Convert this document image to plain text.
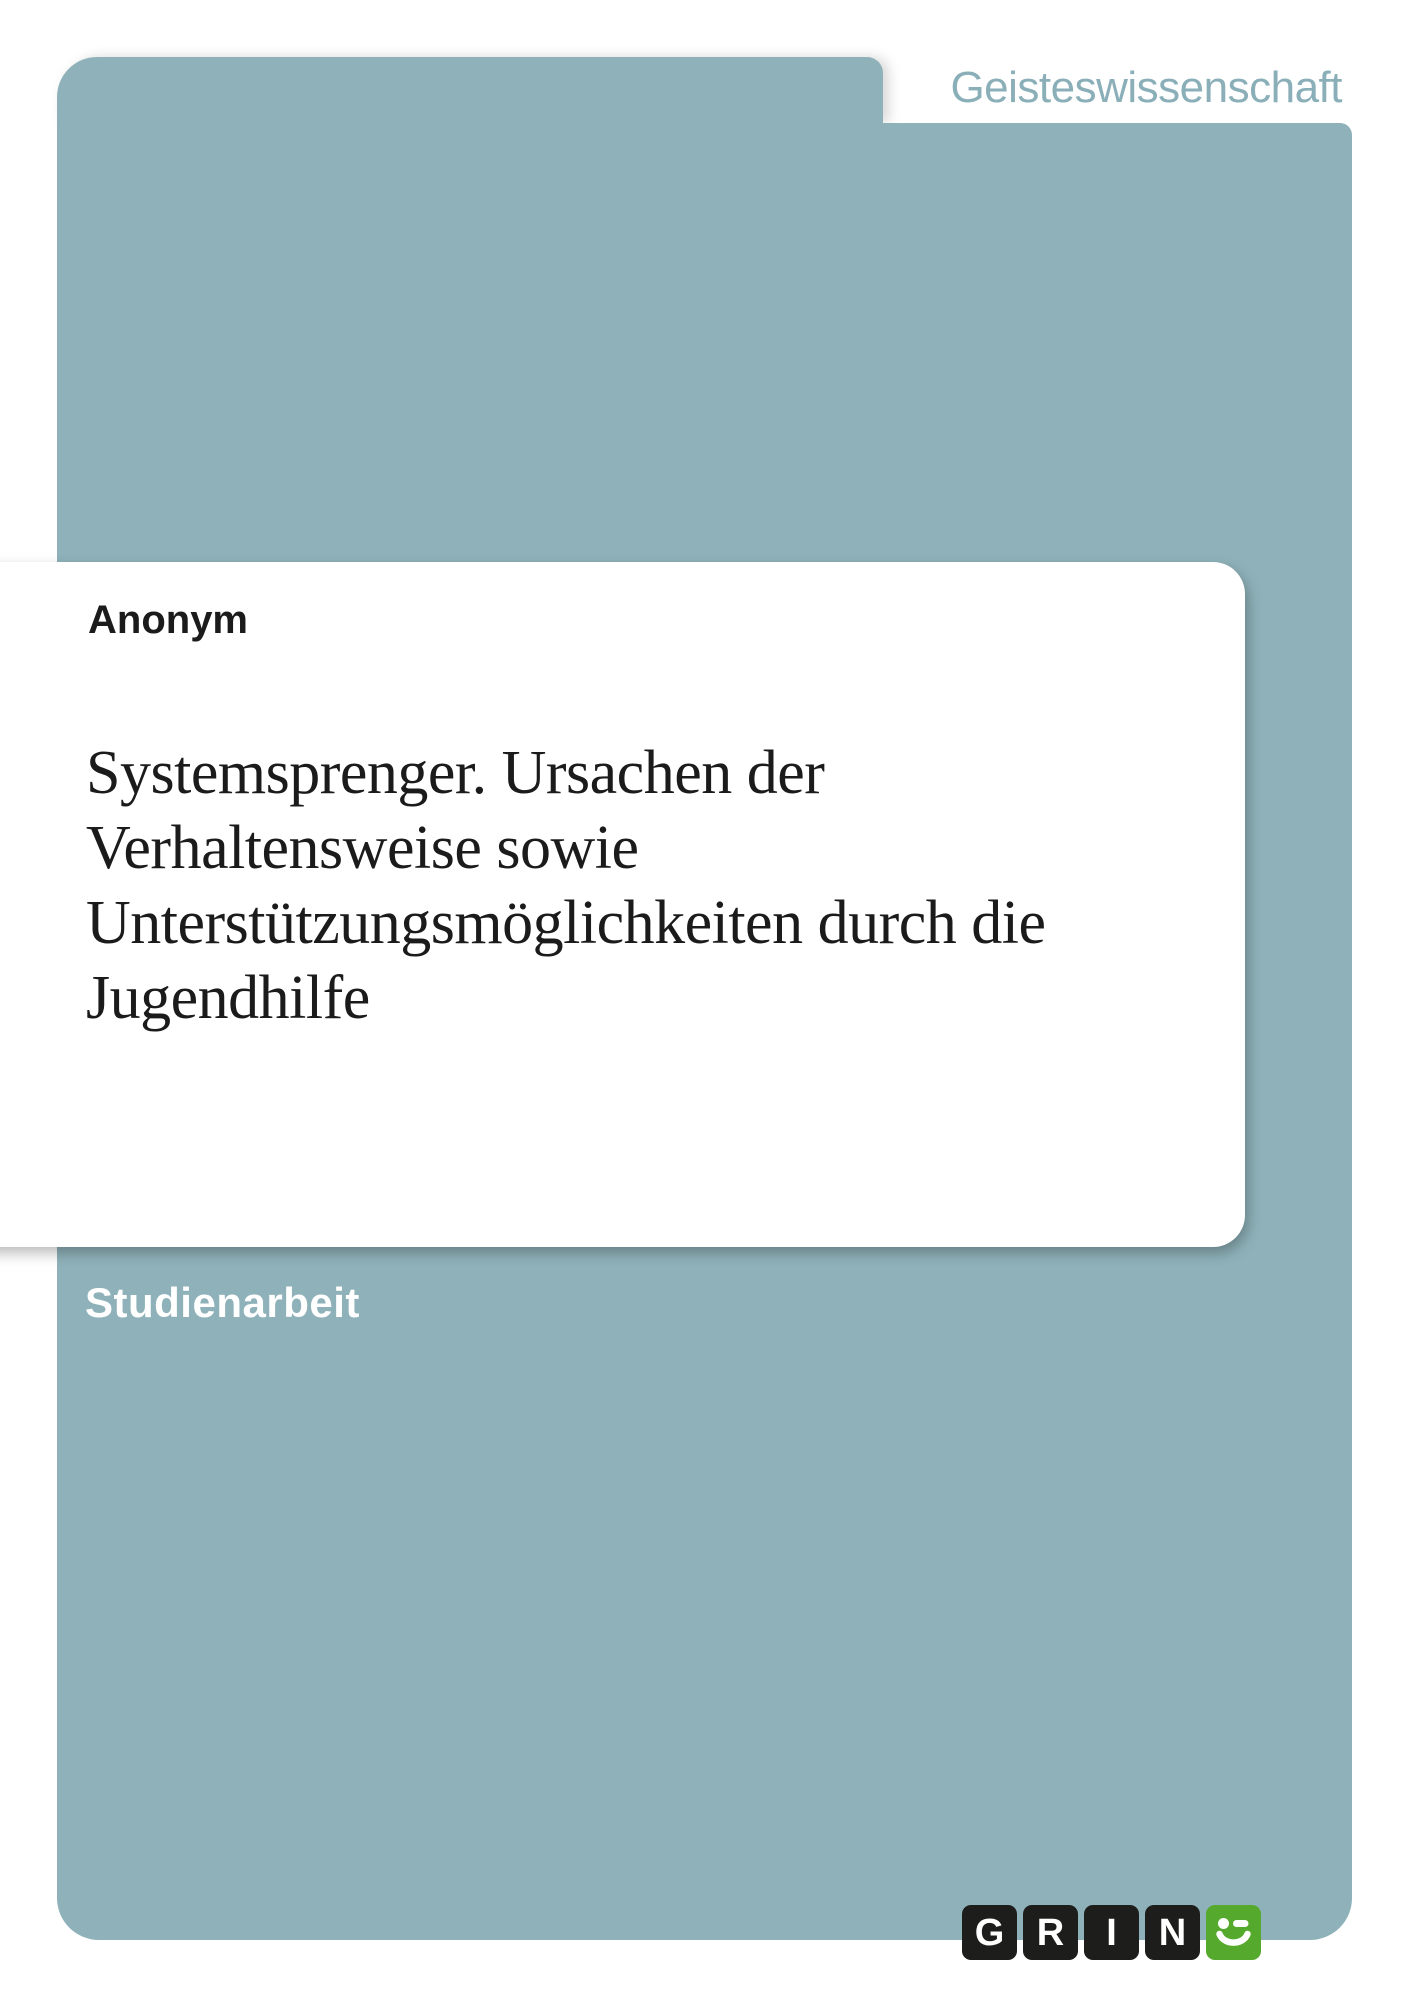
Geisteswissenschaft
Anonym
Systemsprenger. Ursachen der
Verhaltensweise sowie
Unterstützungsmöglichkeiten durch die
Jugendhilfe
Studienarbeit
G R	I	N
